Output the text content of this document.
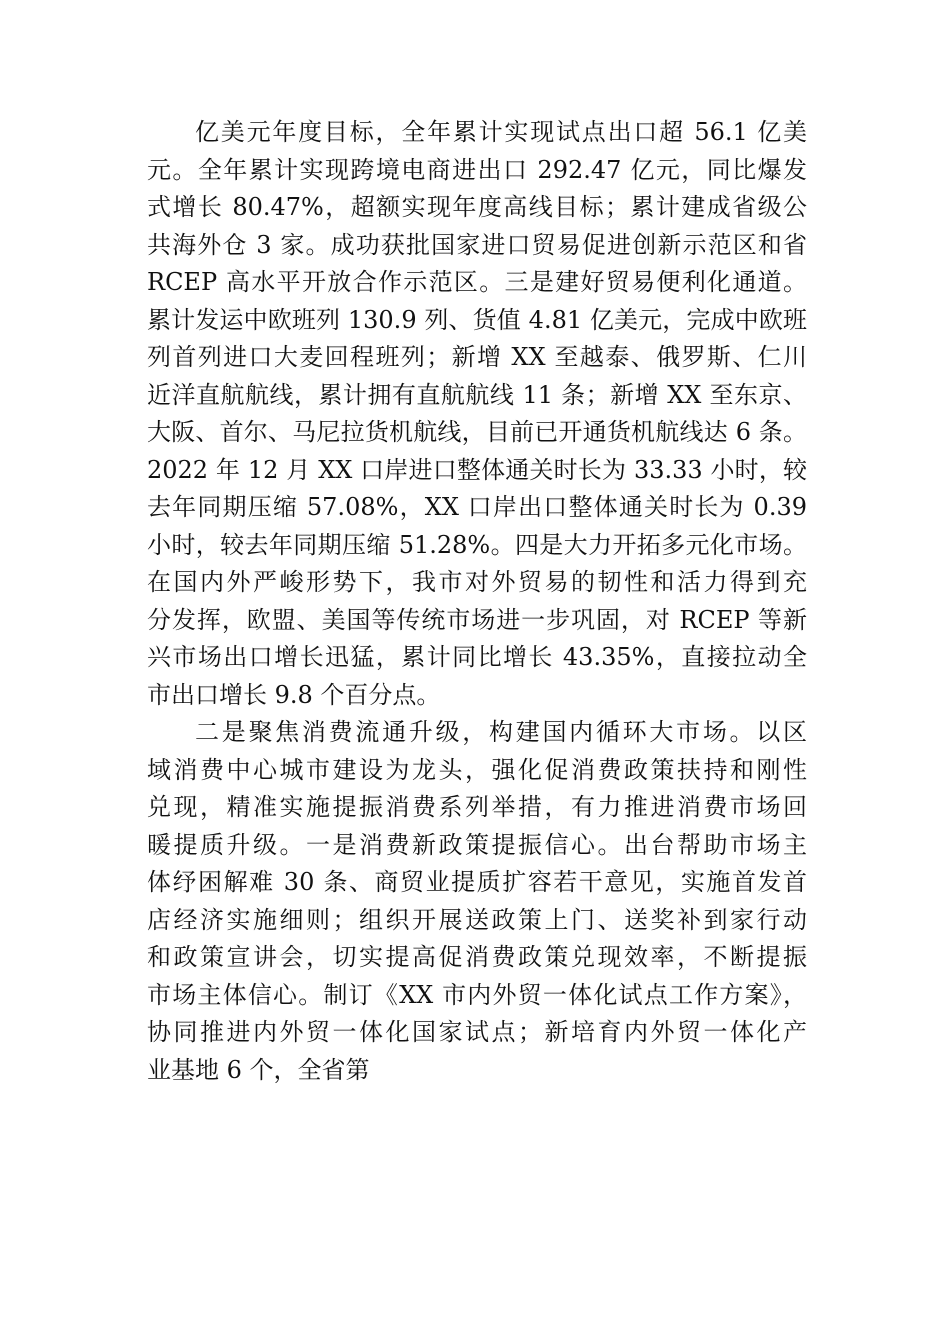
亿美元年度目标，全年累计实现试点出口超 56.1 亿美
元。全年累计实现跨境电商进出口 292.47 亿元，同比爆发
式增长 80.47%，超额实现年度高线目标；累计建成省级公
共海外仓 3 家。成功获批国家进口贸易促进创新示范区和省
RCEP 高水平开放合作示范区。三是建好贸易便利化通道。
累计发运中欧班列 130.9 列、货值 4.81 亿美元，完成中欧班
列首列进口大麦回程班列；新增 XX 至越泰、俄罗斯、仁川
近洋直航航线，累计拥有直航航线 11 条；新增 XX 至东京、
大阪、首尔、马尼拉货机航线，目前已开通货机航线达 6 条。
2022 年 12 月 XX 口岸进口整体通关时长为 33.33 小时，较
去年同期压缩 57.08%，XX 口岸出口整体通关时长为 0.39
小时，较去年同期压缩 51.28%。四是大力开拓多元化市场。
在国内外严峻形势下，我市对外贸易的韧性和活力得到充
分发挥，欧盟、美国等传统市场进一步巩固，对 RCEP 等新
兴市场出口增长迅猛，累计同比增长 43.35%，直接拉动全
市出口增长 9.8 个百分点。
二是聚焦消费流通升级，构建国内循环大市场。以区
域消费中心城市建设为龙头，强化促消费政策扶持和刚性
兑现，精准实施提振消费系列举措，有力推进消费市场回
暖提质升级。一是消费新政策提振信心。出台帮助市场主
体纾困解难 30 条、商贸业提质扩容若干意见，实施首发首
店经济实施细则；组织开展送政策上门、送奖补到家行动
和政策宣讲会，切实提高促消费政策兑现效率，不断提振
市场主体信心。制订《XX 市内外贸一体化试点工作方案》，
协同推进内外贸一体化国家试点；新培育内外贸一体化产
业基地 6 个，全省第
